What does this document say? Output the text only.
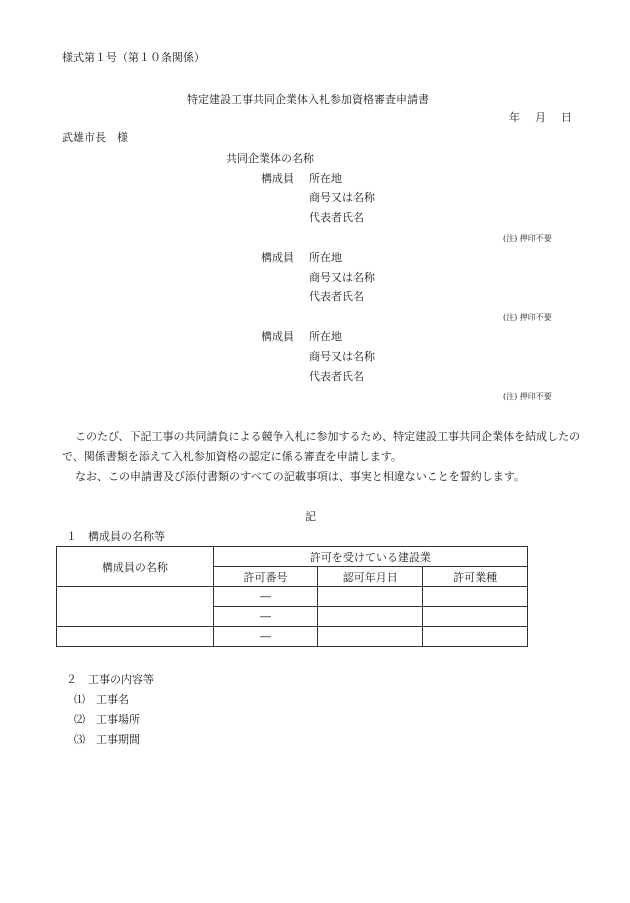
様式第１号（第１０条関係）
特定建設工事共同企業体入札参加資格審査申請書
年　月　日
武雄市長　様
共同企業体の名称
構成員 所在地
商号又は名称
代表者氏名
(注) 押印不要
構成員 所在地
商号又は名称
代表者氏名
(注) 押印不要
構成員 所在地
商号又は名称
代表者氏名
(注) 押印不要
このたび、下記工事の共同請負による競争入札に参加するため、特定建設工事共同企業体を結成したので、関係書類を添えて入札参加資格の認定に係る審査を申請します。
なお、この申請書及び添付書類のすべての記載事項は、事実と相違ないことを誓約します。
記
１　構成員の名称等
構成員の名称	許可を受けている建設業		
	許可番号	認可年月日	許可業種
	―		
	―		
	―		
２　工事の内容等
⑴　工事名
⑵　工事場所
⑶　工事期間
